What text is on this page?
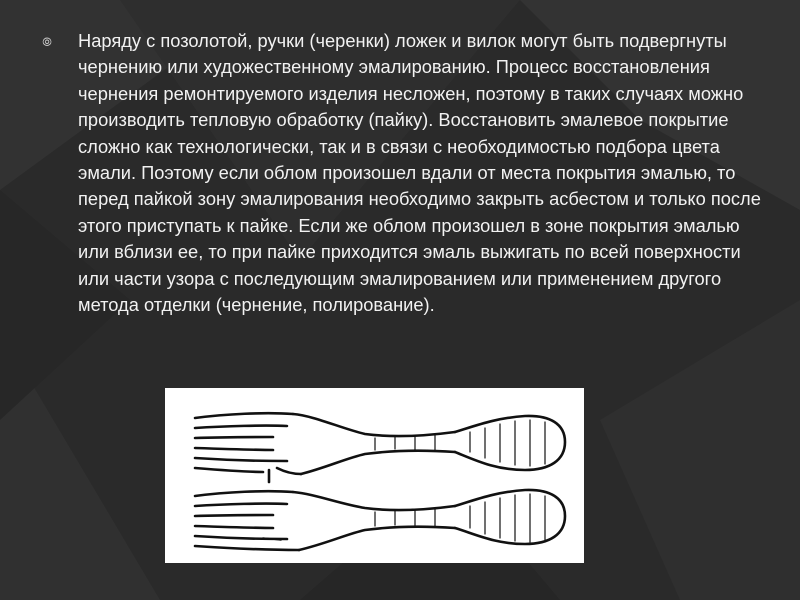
⦾ Наряду с позолотой, ручки (черенки) ложек и вилок могут быть подвергнуты чернению или художественному эмалированию. Процесс восстановления чернения ремонтируемого изделия несложен, поэтому в таких случаях можно производить тепловую обработку (пайку). Восстановить эмалевое покрытие сложно как технологически, так и в связи с необходимостью подбора цвета эмали. Поэтому если облом произошел вдали от места покрытия эмалью, то перед пайкой зону эмалирования необходимо закрыть асбестом и только после этого приступать к пайке. Если же облом произошел в зоне покрытия эмалью или вблизи ее, то при пайке приходится эмаль выжигать по всей поверхности или части узора с последующим эмалированием или применением другого метода отделки (чернение, полирование).
